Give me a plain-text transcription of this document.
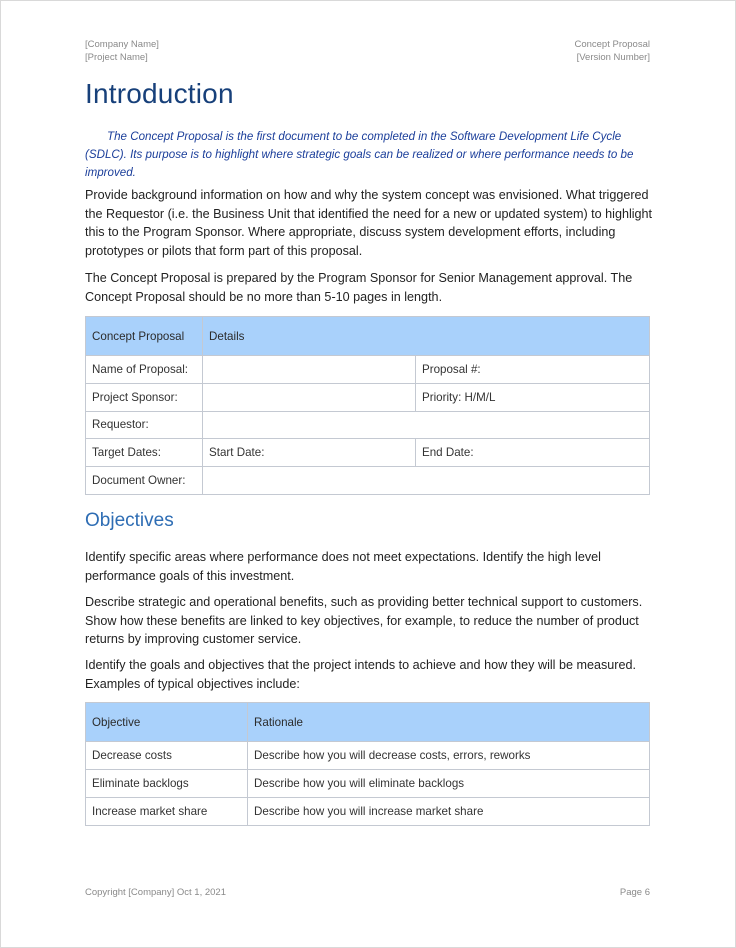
[Company Name]
[Project Name]
Concept Proposal
[Version Number]
Introduction

The Concept Proposal is the first document to be completed in the Software Development Life Cycle (SDLC). Its purpose is to highlight where strategic goals can be realized or where performance needs to be improved.

Provide background information on how and why the system concept was envisioned. What triggered the Requestor (i.e. the Business Unit that identified the need for a new or updated system) to highlight this to the Program Sponsor. Where appropriate, discuss system development efforts, including prototypes or pilots that form part of this proposal.

The Concept Proposal is prepared by the Program Sponsor for Senior Management approval. The Concept Proposal should be no more than 5-10 pages in length.

Concept Proposal	Details	
Name of Proposal:		Proposal #:
Project Sponsor:		Priority: H/M/L
Requestor:		
Target Dates:	Start Date:	End Date:
Document Owner:		
Objectives

Identify specific areas where performance does not meet expectations. Identify the high level performance goals of this investment.

Describe strategic and operational benefits, such as providing better technical support to customers. Show how these benefits are linked to key objectives, for example, to reduce the number of product returns by improving customer service.

Identify the goals and objectives that the project intends to achieve and how they will be measured. Examples of typical objectives include:

Objective	Rationale
Decrease costs	Describe how you will decrease costs, errors, reworks
Eliminate backlogs	Describe how you will eliminate backlogs
Increase market share	Describe how you will increase market share
Copyright [Company] Oct 1, 2021	Page 6
